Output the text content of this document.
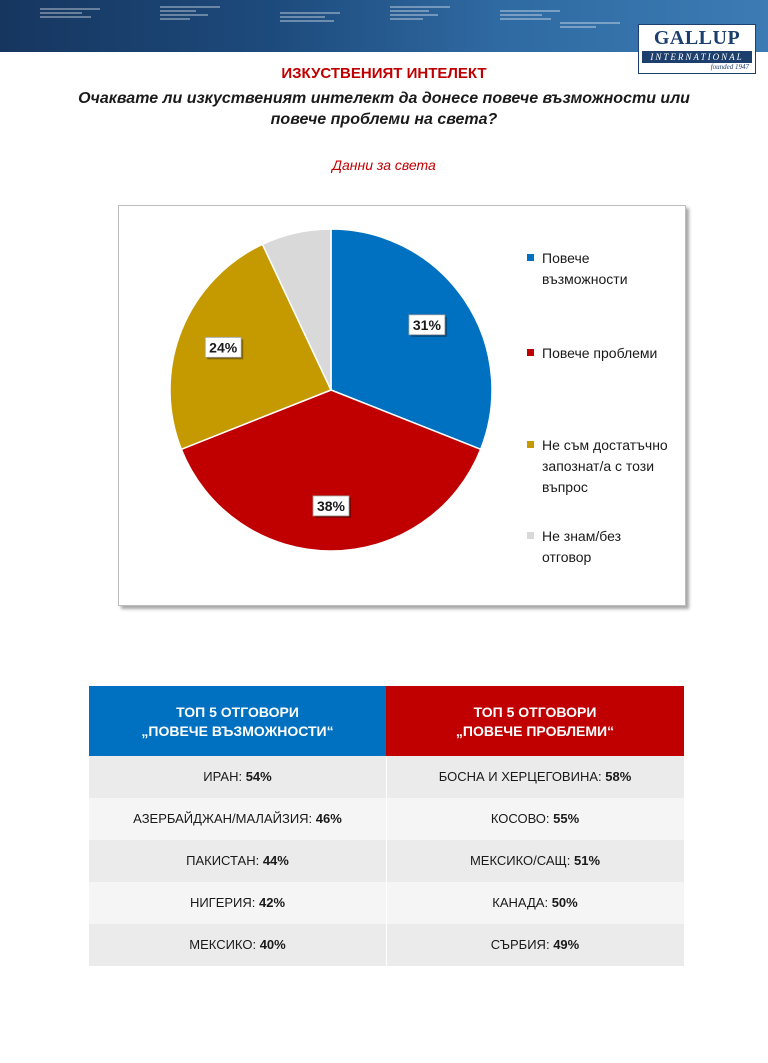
GALLUP
INTERNATIONAL
founded 1947
ИЗКУСТВЕНИЯТ ИНТЕЛЕКТ
Очаквате ли изкуственият интелект да донесе повече възможности или
повече проблеми на света?
Данни за света
31%
38%
24%
Повече
възможности
Повече проблеми
Не съм достатъчно
запознат/а с този
въпрос
Не знам/без
отговор
ТОП 5 ОТГОВОРИ
„ПОВЕЧЕ ВЪЗМОЖНОСТИ“
ТОП 5 ОТГОВОРИ
„ПОВЕЧЕ ПРОБЛЕМИ“
ИРАН: 54%	БОСНА И ХЕРЦЕГОВИНА: 58%
АЗЕРБАЙДЖАН/МАЛАЙЗИЯ: 46%	КОСОВО: 55%
ПАКИСТАН: 44%	МЕКСИКО/САЩ: 51%
НИГЕРИЯ: 42%	КАНАДА: 50%
МЕКСИКО: 40%	СЪРБИЯ: 49%
